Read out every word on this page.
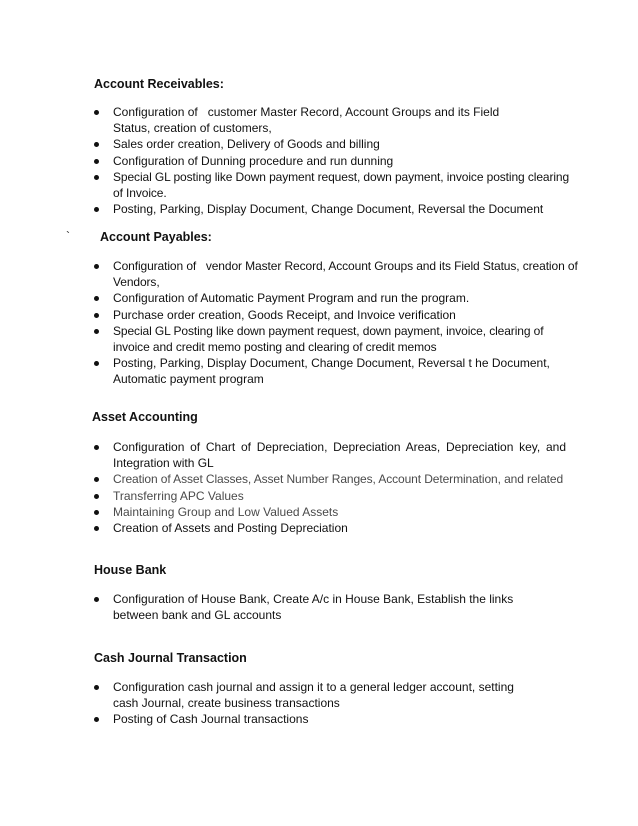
Account Receivables:
Configuration of   customer Master Record, Account Groups and its Field Status, creation of customers,
Sales order creation, Delivery of Goods and billing
Configuration of Dunning procedure and run dunning
Special GL posting like Down payment request, down payment, invoice posting clearing of Invoice.
Posting, Parking, Display Document, Change Document, Reversal the Document
` Account Payables:
Configuration of   vendor Master Record, Account Groups and its Field Status, creation of Vendors,
Configuration of Automatic Payment Program and run the program.
Purchase order creation, Goods Receipt, and Invoice verification
Special GL Posting like down payment request, down payment, invoice, clearing of invoice and credit memo posting and clearing of credit memos
Posting, Parking, Display Document, Change Document, Reversal t he Document, Automatic payment program
Asset Accounting
Configuration of Chart of Depreciation, Depreciation Areas, Depreciation key, and Integration with GL
Creation of Asset Classes, Asset Number Ranges, Account Determination, and related
Transferring APC Values
Maintaining Group and Low Valued Assets
Creation of Assets and Posting Depreciation
House Bank
Configuration of House Bank, Create A/c in House Bank, Establish the links between bank and GL accounts
Cash Journal Transaction
Configuration cash journal and assign it to a general ledger account, setting cash Journal, create business transactions
Posting of Cash Journal transactions
